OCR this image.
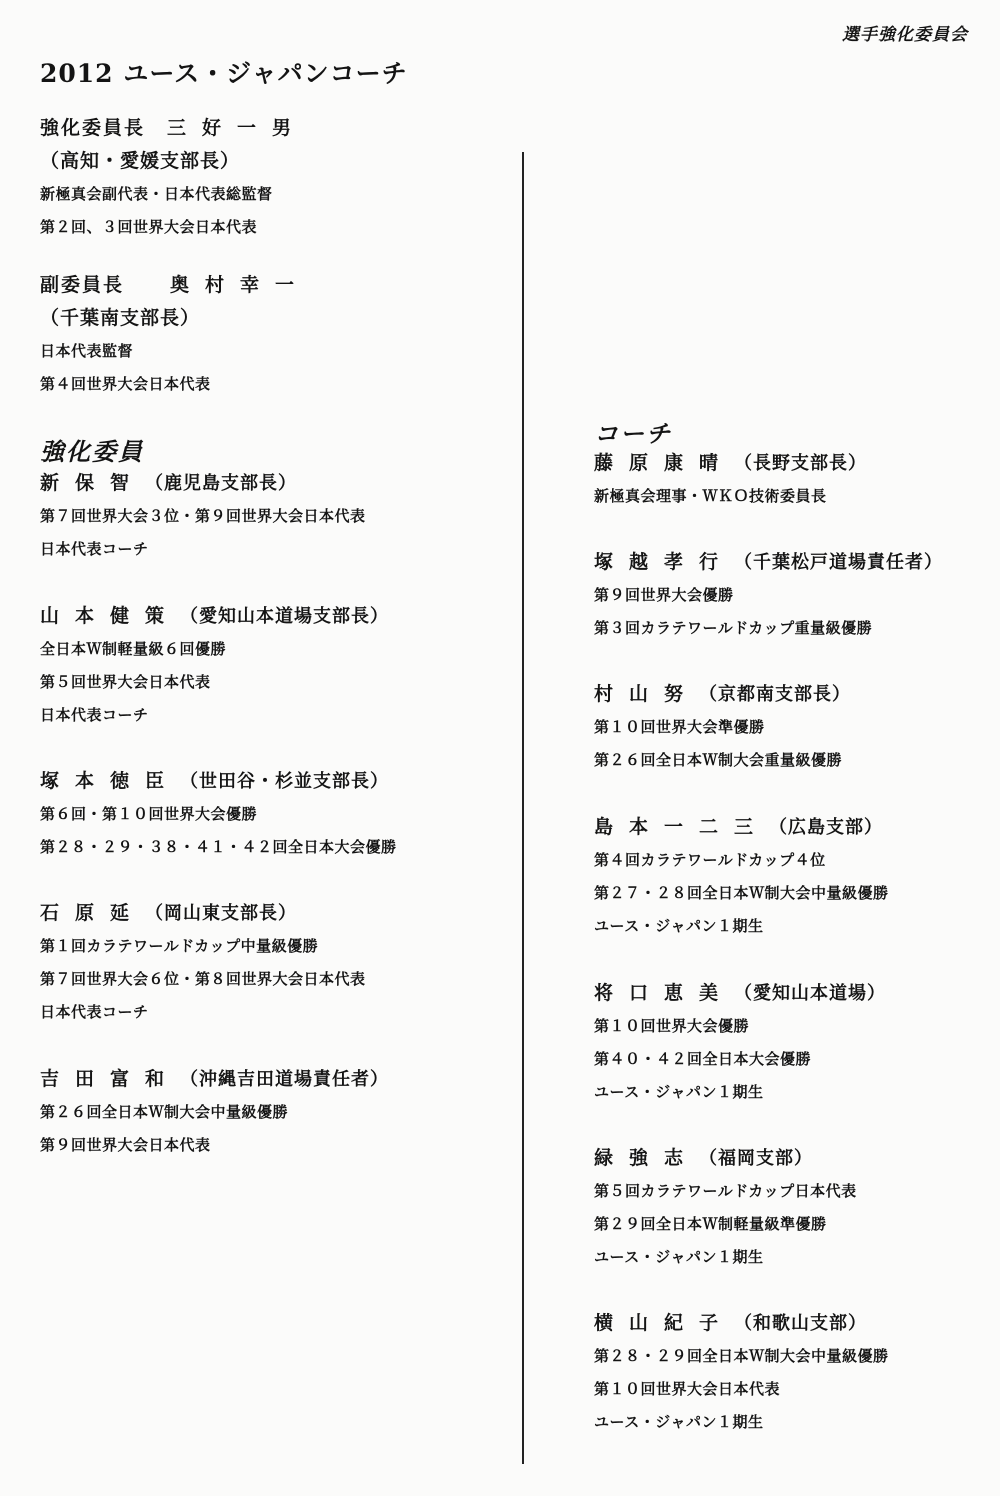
選手強化委員会
2012 ユース・ジャパンコーチ
強化委員長 三好一男
（高知・愛媛支部長）
新極真会副代表・日本代表総監督
第２回、３回世界大会日本代表
副委員長 奥村幸一
（千葉南支部長）
日本代表監督
第４回世界大会日本代表
強化委員
新保智（鹿児島支部長）
第７回世界大会３位・第９回世界大会日本代表
日本代表コーチ
山本健策（愛知山本道場支部長）
全日本Ｗ制軽量級６回優勝
第５回世界大会日本代表
日本代表コーチ
塚本徳臣（世田谷・杉並支部長）
第６回・第１０回世界大会優勝
第２８・２９・３８・４１・４２回全日本大会優勝
石原延（岡山東支部長）
第１回カラテワールドカップ中量級優勝
第７回世界大会６位・第８回世界大会日本代表
日本代表コーチ
吉田富和（沖縄吉田道場責任者）
第２６回全日本Ｗ制大会中量級優勝
第９回世界大会日本代表
コーチ
藤原康晴（長野支部長）
新極真会理事・ＷＫＯ技術委員長
塚越孝行（千葉松戸道場責任者）
第９回世界大会優勝
第３回カラテワールドカップ重量級優勝
村山努（京都南支部長）
第１０回世界大会準優勝
第２６回全日本Ｗ制大会重量級優勝
島本一二三（広島支部）
第４回カラテワールドカップ４位
第２７・２８回全日本Ｗ制大会中量級優勝
ユース・ジャパン１期生
将口恵美（愛知山本道場）
第１０回世界大会優勝
第４０・４２回全日本大会優勝
ユース・ジャパン１期生
緑強志（福岡支部）
第５回カラテワールドカップ日本代表
第２９回全日本Ｗ制軽量級準優勝
ユース・ジャパン１期生
横山紀子（和歌山支部）
第２８・２９回全日本Ｗ制大会中量級優勝
第１０回世界大会日本代表
ユース・ジャパン１期生
